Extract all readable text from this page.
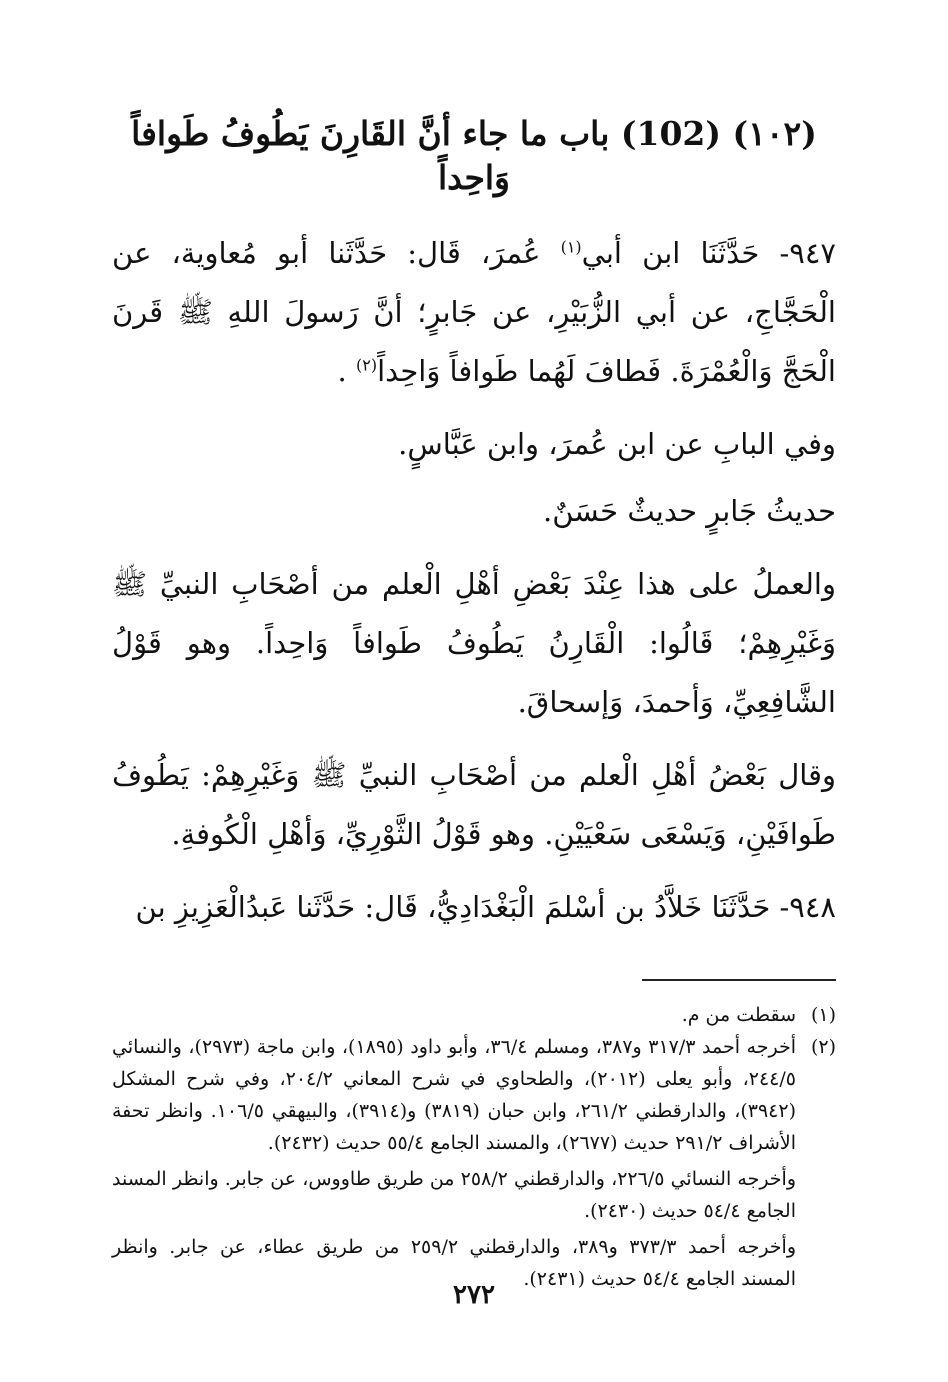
(١٠٢) (102) باب ما جاء أنَّ القَارِنَ يَطُوفُ طَوافاً وَاحِداً

٩٤٧- حَدَّثَنَا ابن أبي$^{(١)}$ عُمرَ، قَال: حَدَّثَنا أبو مُعاوية، عن الْحَجَّاجِ، عن أبي الزُّبَيْرِ، عن جَابرٍ؛ أنَّ رَسولَ اللهِ ﷺ قَرنَ الْحَجَّ وَالْعُمْرَةَ. فَطافَ لَهُما طَوافاً وَاحِداً$^{(٢)}$ .

وفي البابِ عن ابن عُمرَ، وابن عَبَّاسٍ.

حديثُ جَابرٍ حديثٌ حَسَنٌ.

والعملُ على هذا عِنْدَ بَعْضِ أهْلِ الْعلم من أصْحَابِ النبيِّ ﷺ وَغَيْرِهِمْ؛ قَالُوا: الْقَارِنُ يَطُوفُ طَوافاً وَاحِداً. وهو قَوْلُ الشَّافِعِيِّ، وَأحمدَ، وَإسحاقَ.

وقال بَعْضُ أهْلِ الْعلم من أصْحَابِ النبيِّ ﷺ وَغَيْرِهِمْ: يَطُوفُ طَوافَيْنِ، وَيَسْعَى سَعْيَيْنِ. وهو قَوْلُ الثَّوْرِيِّ، وَأهْلِ الْكُوفةِ.

٩٤٨- حَدَّثَنَا خَلاَّدُ بن أسْلمَ الْبَغْدَادِيُّ، قَال: حَدَّثَنا عَبدُالْعَزِيزِ بن

(١)
سقطت من م.
(٢)
أخرجه أحمد ٣١٧/٣ و٣٨٧، ومسلم ٣٦/٤، وأبو داود (١٨٩٥)، وابن ماجة (٢٩٧٣)، والنسائي ٢٤٤/٥، وأبو يعلى (٢٠١٢)، والطحاوي في شرح المعاني ٢٠٤/٢، وفي شرح المشكل (٣٩٤٢)، والدارقطني ٢٦١/٢، وابن حبان (٣٨١٩) و(٣٩١٤)، والبيهقي ١٠٦/٥. وانظر تحفة الأشراف ٢٩١/٢ حديث (٢٦٧٧)، والمسند الجامع ٥٥/٤ حديث (٢٤٣٢).

وأخرجه النسائي ٢٢٦/٥، والدارقطني ٢٥٨/٢ من طريق طاووس، عن جابر. وانظر المسند الجامع ٥٤/٤ حديث (٢٤٣٠).

وأخرجه أحمد ٣٧٣/٣ و٣٨٩، والدارقطني ٢٥٩/٢ من طريق عطاء، عن جابر. وانظر المسند الجامع ٥٤/٤ حديث (٢٤٣١).

٢٧٢
